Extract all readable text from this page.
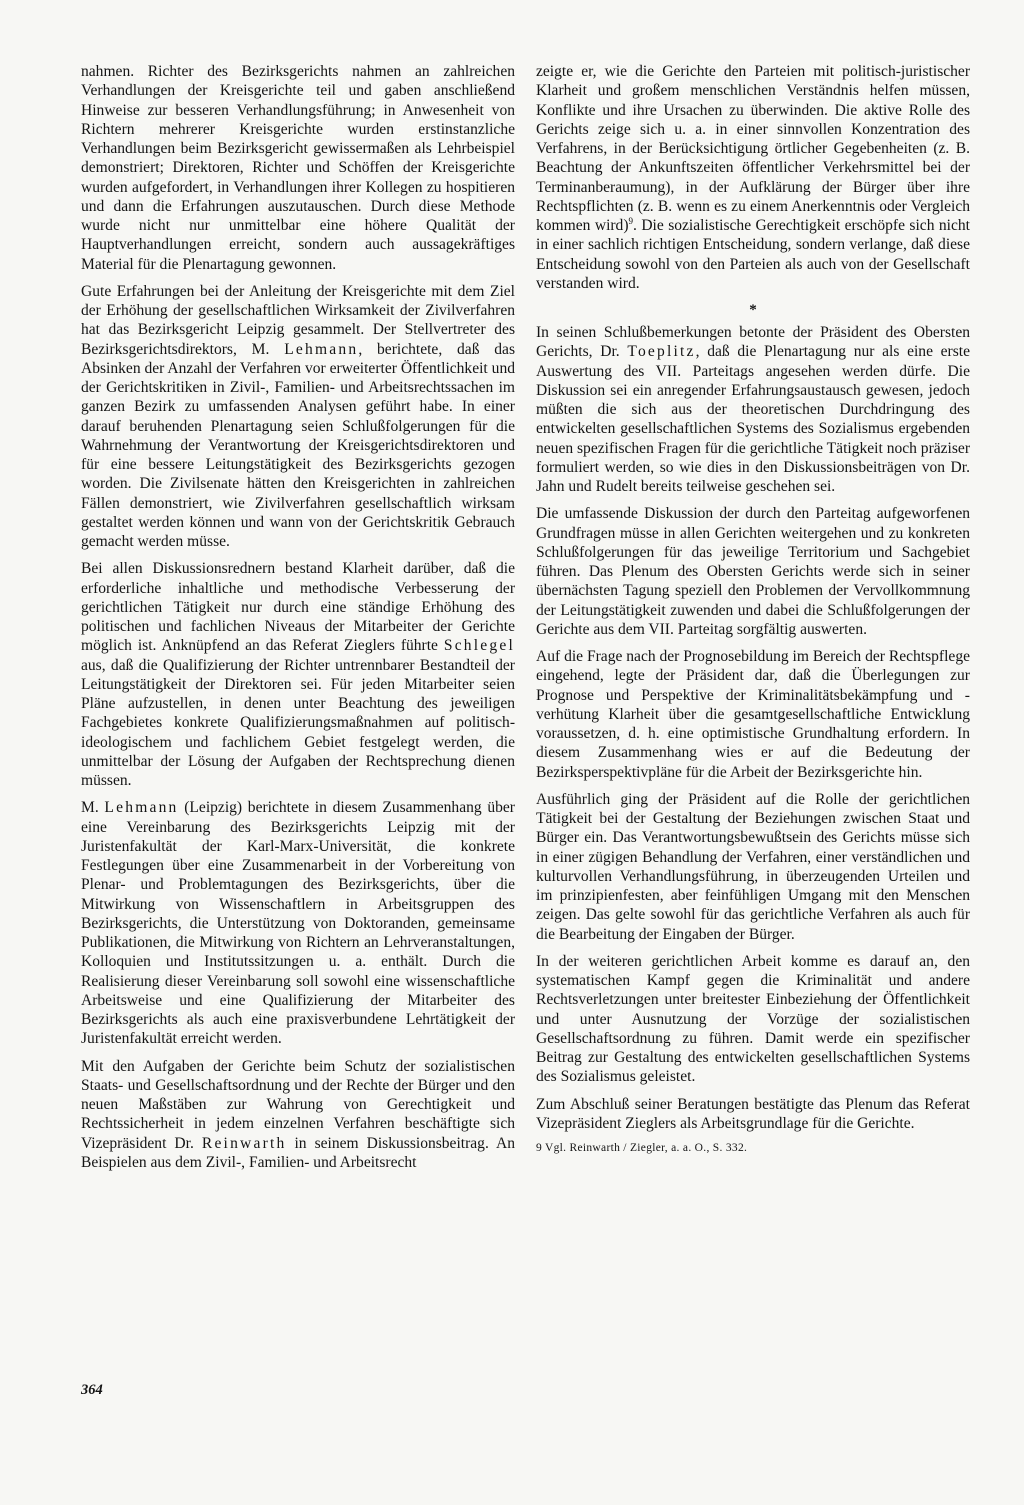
nahmen. Richter des Bezirksgerichts nahmen an zahlreichen Verhandlungen der Kreisgerichte teil und gaben anschließend Hinweise zur besseren Verhandlungsführung; in Anwesenheit von Richtern mehrerer Kreisgerichte wurden erstinstanzliche Verhandlungen beim Bezirksgericht gewissermaßen als Lehrbeispiel demonstriert; Direktoren, Richter und Schöffen der Kreisgerichte wurden aufgefordert, in Verhandlungen ihrer Kollegen zu hospitieren und dann die Erfahrungen auszutauschen. Durch diese Methode wurde nicht nur unmittelbar eine höhere Qualität der Hauptverhandlungen erreicht, sondern auch aussagekräftiges Material für die Plenartagung gewonnen.

Gute Erfahrungen bei der Anleitung der Kreisgerichte mit dem Ziel der Erhöhung der gesellschaftlichen Wirksamkeit der Zivilverfahren hat das Bezirksgericht Leipzig gesammelt. Der Stellvertreter des Bezirksgerichtsdirektors, M. Lehmann, berichtete, daß das Absinken der Anzahl der Verfahren vor erweiterter Öffentlichkeit und der Gerichtskritiken in Zivil-, Familien- und Arbeitsrechtssachen im ganzen Bezirk zu umfassenden Analysen geführt habe. In einer darauf beruhenden Plenartagung seien Schlußfolgerungen für die Wahrnehmung der Verantwortung der Kreisgerichtsdirektoren und für eine bessere Leitungstätigkeit des Bezirksgerichts gezogen worden. Die Zivilsenate hätten den Kreisgerichten in zahlreichen Fällen demonstriert, wie Zivilverfahren gesellschaftlich wirksam gestaltet werden können und wann von der Gerichtskritik Gebrauch gemacht werden müsse.

Bei allen Diskussionsrednern bestand Klarheit darüber, daß die erforderliche inhaltliche und methodische Verbesserung der gerichtlichen Tätigkeit nur durch eine ständige Erhöhung des politischen und fachlichen Niveaus der Mitarbeiter der Gerichte möglich ist. Anknüpfend an das Referat Zieglers führte Schlegel aus, daß die Qualifizierung der Richter untrennbarer Bestandteil der Leitungstätigkeit der Direktoren sei. Für jeden Mitarbeiter seien Pläne aufzustellen, in denen unter Beachtung des jeweiligen Fachgebietes konkrete Qualifizierungsmaßnahmen auf politisch-ideologischem und fachlichem Gebiet festgelegt werden, die unmittelbar der Lösung der Aufgaben der Rechtsprechung dienen müssen.

M. Lehmann (Leipzig) berichtete in diesem Zusammenhang über eine Vereinbarung des Bezirksgerichts Leipzig mit der Juristenfakultät der Karl-Marx-Universität, die konkrete Festlegungen über eine Zusammenarbeit in der Vorbereitung von Plenar- und Problemtagungen des Bezirksgerichts, über die Mitwirkung von Wissenschaftlern in Arbeitsgruppen des Bezirksgerichts, die Unterstützung von Doktoranden, gemeinsame Publikationen, die Mitwirkung von Richtern an Lehrveranstaltungen, Kolloquien und Institutssitzungen u. a. enthält. Durch die Realisierung dieser Vereinbarung soll sowohl eine wissenschaftliche Arbeitsweise und eine Qualifizierung der Mitarbeiter des Bezirksgerichts als auch eine praxisverbundene Lehrtätigkeit der Juristenfakultät erreicht werden.

Mit den Aufgaben der Gerichte beim Schutz der sozialistischen Staats- und Gesellschaftsordnung und der Rechte der Bürger und den neuen Maßstäben zur Wahrung von Gerechtigkeit und Rechtssicherheit in jedem einzelnen Verfahren beschäftigte sich Vizepräsident Dr. Reinwarth in seinem Diskussionsbeitrag. An Beispielen aus dem Zivil-, Familien- und Arbeitsrecht

zeigte er, wie die Gerichte den Parteien mit politisch-juristischer Klarheit und großem menschlichen Verständnis helfen müssen, Konflikte und ihre Ursachen zu überwinden. Die aktive Rolle des Gerichts zeige sich u. a. in einer sinnvollen Konzentration des Verfahrens, in der Berücksichtigung örtlicher Gegebenheiten (z. B. Beachtung der Ankunftszeiten öffentlicher Verkehrsmittel bei der Terminanberaumung), in der Aufklärung der Bürger über ihre Rechtspflichten (z. B. wenn es zu einem Anerkenntnis oder Vergleich kommen wird)$^9$. Die sozialistische Gerechtigkeit erschöpfe sich nicht in einer sachlich richtigen Entscheidung, sondern verlange, daß diese Entscheidung sowohl von den Parteien als auch von der Gesellschaft verstanden wird.

*

In seinen Schlußbemerkungen betonte der Präsident des Obersten Gerichts, Dr. Toeplitz, daß die Plenartagung nur als eine erste Auswertung des VII. Parteitags angesehen werden dürfe. Die Diskussion sei ein anregender Erfahrungsaustausch gewesen, jedoch müßten die sich aus der theoretischen Durchdringung des entwickelten gesellschaftlichen Systems des Sozialismus ergebenden neuen spezifischen Fragen für die gerichtliche Tätigkeit noch präziser formuliert werden, so wie dies in den Diskussionsbeiträgen von Dr. Jahn und Rudelt bereits teilweise geschehen sei.

Die umfassende Diskussion der durch den Parteitag aufgeworfenen Grundfragen müsse in allen Gerichten weitergehen und zu konkreten Schlußfolgerungen für das jeweilige Territorium und Sachgebiet führen. Das Plenum des Obersten Gerichts werde sich in seiner übernächsten Tagung speziell den Problemen der Vervollkommnung der Leitungstätigkeit zuwenden und dabei die Schlußfolgerungen der Gerichte aus dem VII. Parteitag sorgfältig auswerten.

Auf die Frage nach der Prognosebildung im Bereich der Rechtspflege eingehend, legte der Präsident dar, daß die Überlegungen zur Prognose und Perspektive der Kriminalitätsbekämpfung und -verhütung Klarheit über die gesamtgesellschaftliche Entwicklung voraussetzen, d. h. eine optimistische Grundhaltung erfordern. In diesem Zusammenhang wies er auf die Bedeutung der Bezirksperspektivpläne für die Arbeit der Bezirksgerichte hin.

Ausführlich ging der Präsident auf die Rolle der gerichtlichen Tätigkeit bei der Gestaltung der Beziehungen zwischen Staat und Bürger ein. Das Verantwortungsbewußtsein des Gerichts müsse sich in einer zügigen Behandlung der Verfahren, einer verständlichen und kulturvollen Verhandlungsführung, in überzeugenden Urteilen und im prinzipienfesten, aber feinfühligen Umgang mit den Menschen zeigen. Das gelte sowohl für das gerichtliche Verfahren als auch für die Bearbeitung der Eingaben der Bürger.

In der weiteren gerichtlichen Arbeit komme es darauf an, den systematischen Kampf gegen die Kriminalität und andere Rechtsverletzungen unter breitester Einbeziehung der Öffentlichkeit und unter Ausnutzung der Vorzüge der sozialistischen Gesellschaftsordnung zu führen. Damit werde ein spezifischer Beitrag zur Gestaltung des entwickelten gesellschaftlichen Systems des Sozialismus geleistet.

Zum Abschluß seiner Beratungen bestätigte das Plenum das Referat Vizepräsident Zieglers als Arbeitsgrundlage für die Gerichte.

9 Vgl. Reinwarth / Ziegler, a. a. O., S. 332.
364
